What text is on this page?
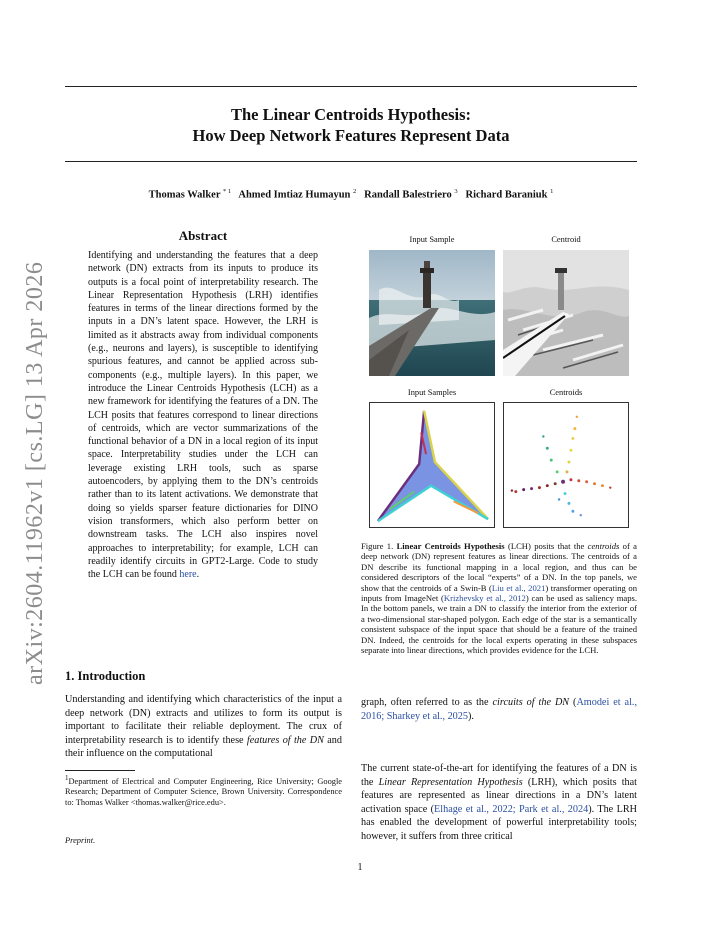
arXiv:2604.11962v1 [cs.LG] 13 Apr 2026
The Linear Centroids Hypothesis:
How Deep Network Features Represent Data
Thomas Walker $^{* 1}$ Ahmed Imtiaz Humayun $^2$ Randall Balestriero $^3$ Richard Baraniuk $^1$
Abstract
Identifying and understanding the features that a deep network (DN) extracts from its inputs to produce its outputs is a focal point of interpretability research. The Linear Representation Hypothesis (LRH) identifies features in terms of the linear directions formed by the inputs in a DN’s latent space. However, the LRH is limited as it abstracts away from individual components (e.g., neurons and layers), is susceptible to identifying spurious features, and cannot be applied across sub-components (e.g., multiple layers). In this paper, we introduce the Linear Centroids Hypothesis (LCH) as a new framework for identifying the features of a DN. The LCH posits that features correspond to linear directions of centroids, which are vector summarizations of the functional behavior of a DN in a local region of its input space. Interpretability studies under the LCH can leverage existing LRH tools, such as sparse autoencoders, by applying them to the DN’s centroids rather than to its latent activations. We demonstrate that doing so yields sparser feature dictionaries for DINO vision transformers, which also perform better on downstream tasks. The LCH also inspires novel approaches to interpretability; for example, LCH can readily identify circuits in GPT2-Large. Code to study the LCH can be found here.
1. Introduction
Understanding and identifying which characteristics of the input a deep network (DN) extracts and utilizes to form its output is important to facilitate their reliable deployment. The crux of interpretability research is to identify these features of the DN and their influence on the computational
$^1$Department of Electrical and Computer Engineering, Rice University; Google Research; Department of Computer Science, Brown University. Correspondence to: Thomas Walker <thomas.walker@rice.edu>.
Preprint.
Input Sample	Centroid
Input Samples	Centroids
Figure 1. Linear Centroids Hypothesis (LCH) posits that the centroids of a deep network (DN) represent features as linear directions. The centroids of a DN describe its functional mapping in a local region, and thus can be considered descriptors of the local “experts” of a DN. In the top panels, we show that the centroids of a Swin-B (Liu et al., 2021) transformer operating on inputs from ImageNet (Krizhevsky et al., 2012) can be used as saliency maps. In the bottom panels, we train a DN to classify the interior from the exterior of a two-dimensional star-shaped polygon. Each edge of the star is a semantically consistent subspace of the input space that should be a feature of the trained DN. Indeed, the centroids for the local experts operating in these subspaces separate into linear directions, which provides evidence for the LCH.
graph, often referred to as the circuits of the DN (Amodei et al., 2016; Sharkey et al., 2025).
The current state-of-the-art for identifying the features of a DN is the Linear Representation Hypothesis (LRH), which posits that features are represented as linear directions in a DN’s latent activation space (Elhage et al., 2022; Park et al., 2024). The LRH has enabled the development of powerful interpretability tools; however, it suffers from three critical
1
